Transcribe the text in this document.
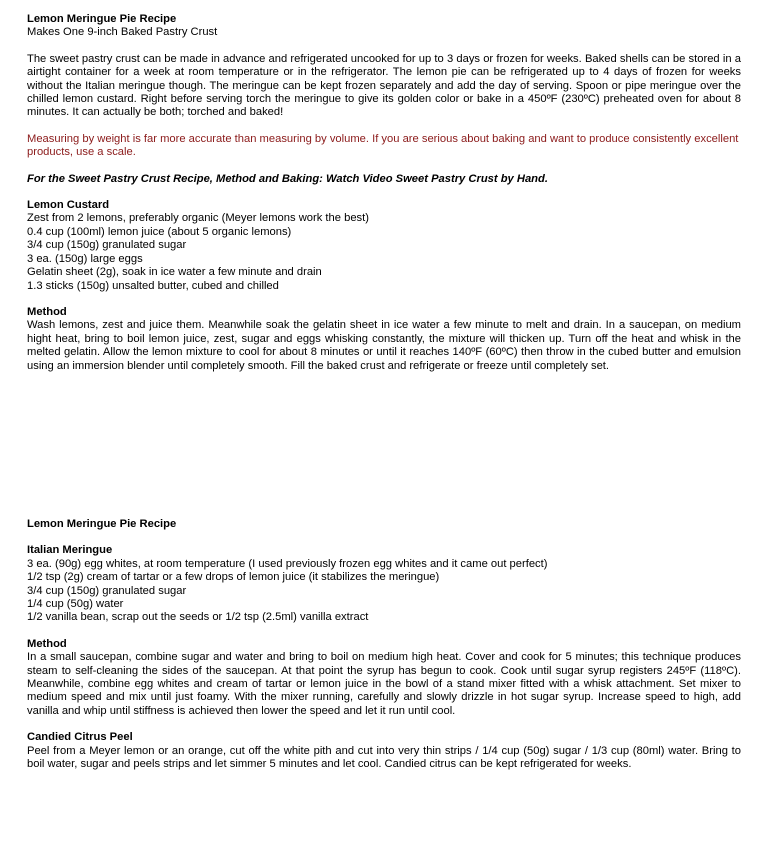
Lemon Meringue Pie Recipe
Makes One 9-inch Baked Pastry Crust

The sweet pastry crust can be made in advance and refrigerated uncooked for up to 3 days or frozen for weeks. Baked shells can be stored in a airtight container for a week at room temperature or in the refrigerator. The lemon pie can be refrigerated up to 4 days of frozen for weeks without the Italian meringue though. The meringue can be kept frozen separately and add the day of serving. Spoon or pipe meringue over the chilled lemon custard. Right before serving torch the meringue to give its golden color or bake in a 450ºF (230ºC) preheated oven for about 8 minutes. It can actually be both; torched and baked!

Measuring by weight is far more accurate than measuring by volume. If you are serious about baking and want to produce consistently excellent products, use a scale.

For the Sweet Pastry Crust Recipe, Method and Baking: Watch Video Sweet Pastry Crust by Hand.

Lemon Custard
Zest from 2 lemons, preferably organic (Meyer lemons work the best)
0.4 cup (100ml) lemon juice (about 5 organic lemons)
3/4 cup (150g) granulated sugar
3 ea. (150g) large eggs
Gelatin sheet (2g), soak in ice water a few minute and drain
1.3 sticks (150g) unsalted butter, cubed and chilled
Method

Wash lemons, zest and juice them. Meanwhile soak the gelatin sheet in ice water a few minute to melt and drain. In a saucepan, on medium hight heat, bring to boil lemon juice, zest, sugar and eggs whisking constantly, the mixture will thicken up. Turn off the heat and whisk in the melted gelatin. Allow the lemon mixture to cool for about 8 minutes or until it reaches 140ºF (60ºC) then throw in the cubed butter and emulsion using an immersion blender until completely smooth. Fill the baked crust and refrigerate or freeze until completely set.

Lemon Meringue Pie Recipe
Italian Meringue
3 ea. (90g) egg whites, at room temperature (I used previously frozen egg whites and it came out perfect)
1/2 tsp (2g) cream of tartar or a few drops of lemon juice (it stabilizes the meringue)
3/4 cup (150g) granulated sugar
1/4 cup (50g) water
1/2 vanilla bean, scrap out the seeds or 1/2 tsp (2.5ml) vanilla extract
Method

In a small saucepan, combine sugar and water and bring to boil on medium high heat. Cover and cook for 5 minutes; this technique produces steam to self-cleaning the sides of the saucepan. At that point the syrup has begun to cook. Cook until sugar syrup registers 245ºF (118ºC). Meanwhile, combine egg whites and cream of tartar or lemon juice in the bowl of a stand mixer fitted with a whisk attachment. Set mixer to medium speed and mix until just foamy. With the mixer running, carefully and slowly drizzle in hot sugar syrup. Increase speed to high, add vanilla and whip until stiffness is achieved then lower the speed and let it run until cool.

Candied Citrus Peel

Peel from a Meyer lemon or an orange, cut off the white pith and cut into very thin strips / 1/4 cup (50g) sugar / 1/3 cup (80ml) water. Bring to boil water, sugar and peels strips and let simmer 5 minutes and let cool. Candied citrus can be kept refrigerated for weeks.
